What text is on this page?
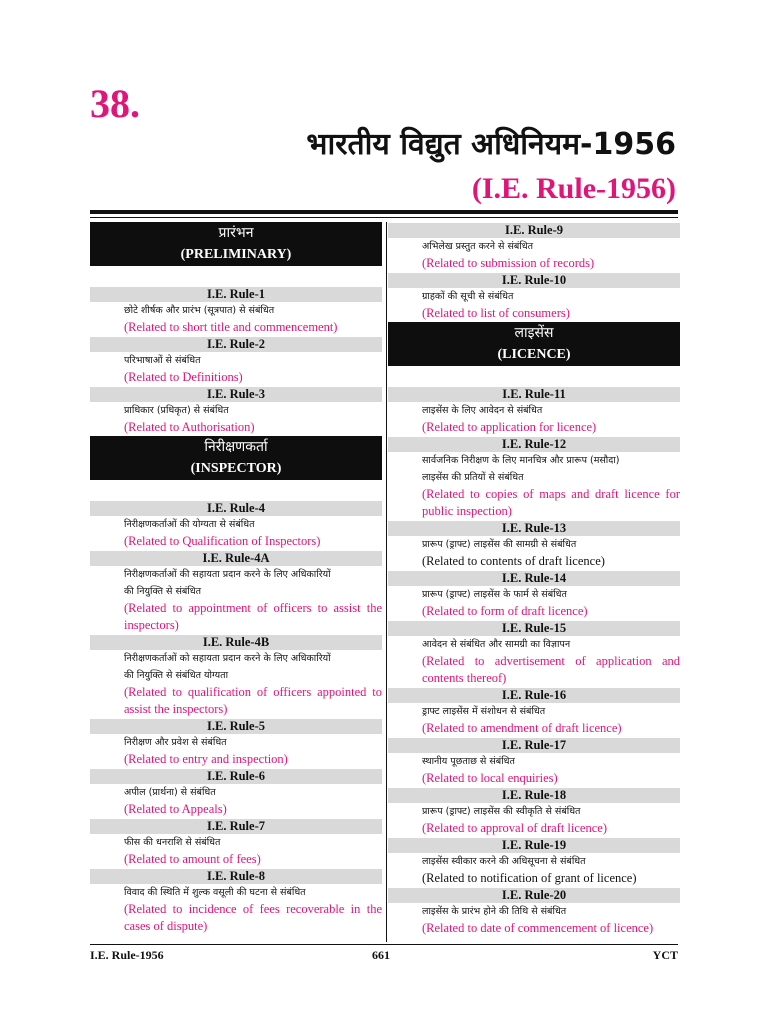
38.
भारतीय विद्युत अधिनियम-1956
(I.E. Rule-1956)
प्रारंभन
(PRELIMINARY)
I.E. Rule-1
छोटे शीर्षक और प्रारंभ (सूत्रपात) से संबंधित
(Related to short title and commencement)
I.E. Rule-2
परिभाषाओं से संबंधित
(Related to Definitions)
I.E. Rule-3
प्राधिकार (प्रधिकृत) से संबंधित
(Related to Authorisation)
निरीक्षणकर्ता
(INSPECTOR)
I.E. Rule-4
निरीक्षणकर्ताओं की योग्यता से संबंधित
(Related to Qualification of Inspectors)
I.E. Rule-4A
निरीक्षणकर्ताओं की सहायता प्रदान करने के लिए अधिकारियों
की नियुक्ति से संबंधित
(Related to appointment of officers to assist the inspectors)
I.E. Rule-4B
निरीक्षणकर्ताओं को सहायता प्रदान करने के लिए अधिकारियों
की नियुक्ति से संबंधित योग्यता
(Related to qualification of officers appointed to assist the inspectors)
I.E. Rule-5
निरीक्षण और प्रवेश से संबंधित
(Related to entry and inspection)
I.E. Rule-6
अपील (प्रार्थना) से संबंधित
(Related to Appeals)
I.E. Rule-7
फीस की धनराशि से संबंधित
(Related to amount of fees)
I.E. Rule-8
विवाद की स्थिति में शुल्क वसूली की घटना से संबंधित
(Related to incidence of fees recoverable in the cases of dispute)
I.E. Rule-9
अभिलेख प्रस्तुत करने से संबंधित
(Related to submission of records)
I.E. Rule-10
ग्राहकों की सूची से संबंधित
(Related to list of consumers)
लाइसेंस
(LICENCE)
I.E. Rule-11
लाइसेंस के लिए आवेदन से संबंधित
(Related to application for licence)
I.E. Rule-12
सार्वजनिक निरीक्षण के लिए मानचित्र और प्रारूप (मसौदा)
लाइसेंस की प्रतियों से संबंधित
(Related to copies of maps and draft licence for public inspection)
I.E. Rule-13
प्रारूप (ड्राफ्ट) लाइसेंस की सामग्री से संबंधित
(Related to contents of draft licence)
I.E. Rule-14
प्रारूप (ड्राफ्ट) लाइसेंस के फार्म से संबंधित
(Related to form of draft licence)
I.E. Rule-15
आवेदन से संबंधित और सामग्री का विज्ञापन
(Related to advertisement of application and contents thereof)
I.E. Rule-16
ड्राफ्ट लाइसेंस में संशोधन से संबंधित
(Related to amendment of draft licence)
I.E. Rule-17
स्थानीय पूछताछ से संबंधित
(Related to local enquiries)
I.E. Rule-18
प्रारूप (ड्राफ्ट) लाइसेंस की स्वीकृति से संबंधित
(Related to approval of draft licence)
I.E. Rule-19
लाइसेंस स्वीकार करने की अधिसूचना से संबंधित
(Related to notification of grant of licence)
I.E. Rule-20
लाइसेंस के प्रारंभ होने की तिथि से संबंधित
(Related to date of commencement of licence)
I.E. Rule-1956	661	YCT
